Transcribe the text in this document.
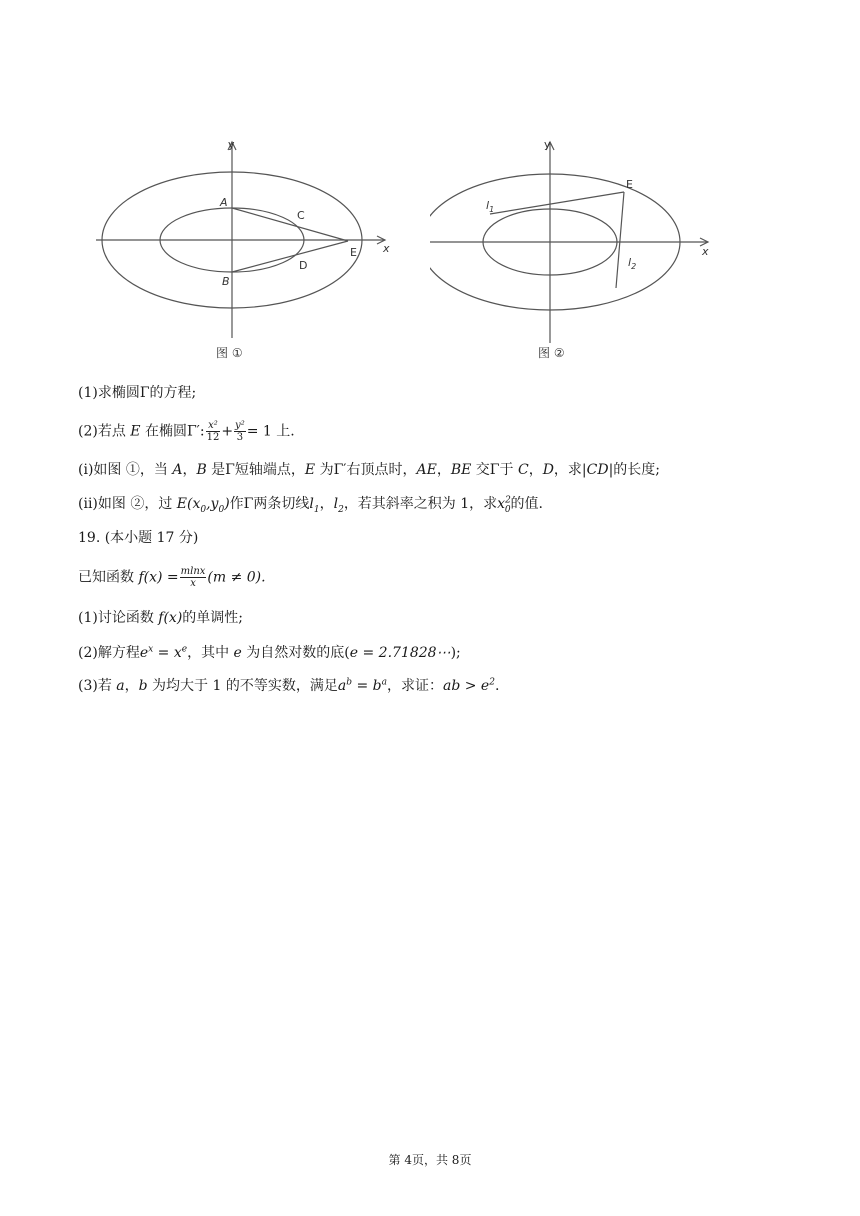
y
x
A
B
C
D
E
图 ①
y
x
E
$l_1$
$l_2$
图 ②
(1)求椭圆Γ的方程;
(2)若点 E 在椭圆Γ′: $\frac{\text{x²}}{12} + \frac{\text{y²}}{3} = 1$ 上.
(ⅰ)如图 ①，当 A，B 是Γ短轴端点，E 为Γ′右顶点时，AE，BE 交Γ于 C，D，求|CD|的长度;
(ⅱ)如图 ②，过 $E(x_0,y_0)$作Γ两条切线$l_1$，$l_2$，若其斜率之积为 1，求$x^2_0$的值.
19. (本小题 17 分)
已知函数 $f(x) = \frac{mlnx}{x} (m \ne 0)$.
(1)讨论函数 f(x)的单调性;
(2)解方程$e^x = x^e$，其中 e 为自然对数的底(e = 2.71828⋯);
(3)若 a，b 为均大于 1 的不等实数，满足$a^b = b^a$，求证：ab > $e^2$.
第 4页，共 8页
